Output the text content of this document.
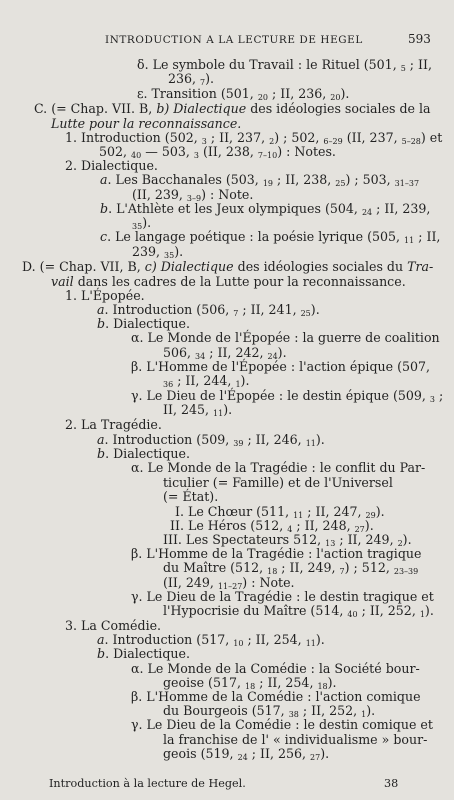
INTRODUCTION A LA LECTURE DE HEGEL	593
δ. Le symbole du Travail : le Rituel (501, $_5$ ; II,
236, $_7$).
ε. Transition (501, $_{20}$ ; II, 236, $_{20}$).
C. (= Chap. VII. B, b) Dialectique des idéologies sociales de la
Lutte pour la reconnaissance.
1. Introduction (502, $_3$ ; II, 237, $_2$) ; 502, $_{6-29}$ (II, 237, $_{5-28}$) et
502, $_{40}$ — 503, $_3$ (II, 238, $_{7-10}$) : Notes.
2. Dialectique.
a. Les Bacchanales (503, $_{19}$ ; II, 238, $_{25}$) ; 503, $_{31-37}$
(II, 239, $_{3-9}$) : Note.
b. L'Athlète et les Jeux olympiques (504, $_{24}$ ; II, 239,
$_{35}$).
c. Le langage poétique : la poésie lyrique (505, $_{11}$ ; II,
239, $_{35}$).
D. (= Chap. VII, B, c) Dialectique des idéologies sociales du Tra-
vail dans les cadres de la Lutte pour la reconnaissance.
1. L'Épopée.
a. Introduction (506, $_7$ ; II, 241, $_{25}$).
b. Dialectique.
α. Le Monde de l'Épopée : la guerre de coalition
506, $_{34}$ ; II, 242, $_{24}$).
β. L'Homme de l'Épopée : l'action épique (507,
$_{36}$ ; II, 244, $_1$).
γ. Le Dieu de l'Épopée : le destin épique (509, $_3$ ;
II, 245, $_{11}$).
2. La Tragédie.
a. Introduction (509, $_{39}$ ; II, 246, $_{11}$).
b. Dialectique.
α. Le Monde de la Tragédie : le conflit du Par-
ticulier (= Famille) et de l'Universel
(= État).
I. Le Chœur (511, $_{11}$ ; II, 247, $_{29}$).
II. Le Héros (512, $_4$ ; II, 248, $_{27}$).
III. Les Spectateurs 512, $_{13}$ ; II, 249, $_2$).
β. L'Homme de la Tragédie : l'action tragique
du Maître (512, $_{18}$ ; II, 249, $_7$) ; 512, $_{23-39}$
(II, 249, $_{11-27}$) : Note.
γ. Le Dieu de la Tragédie : le destin tragique et
l'Hypocrisie du Maître (514, $_{40}$ ; II, 252, $_1$).
3. La Comédie.
a. Introduction (517, $_{10}$ ; II, 254, $_{11}$).
b. Dialectique.
α. Le Monde de la Comédie : la Société bour-
geoise (517, $_{18}$ ; II, 254, $_{18}$).
β. L'Homme de la Comédie : l'action comique
du Bourgeois (517, $_{38}$ ; II, 252, $_1$).
γ. Le Dieu de la Comédie : le destin comique et
la franchise de l' « individualisme » bour-
geois (519, $_{24}$ ; II, 256, $_{27}$).
Introduction à la lecture de Hegel.	38
